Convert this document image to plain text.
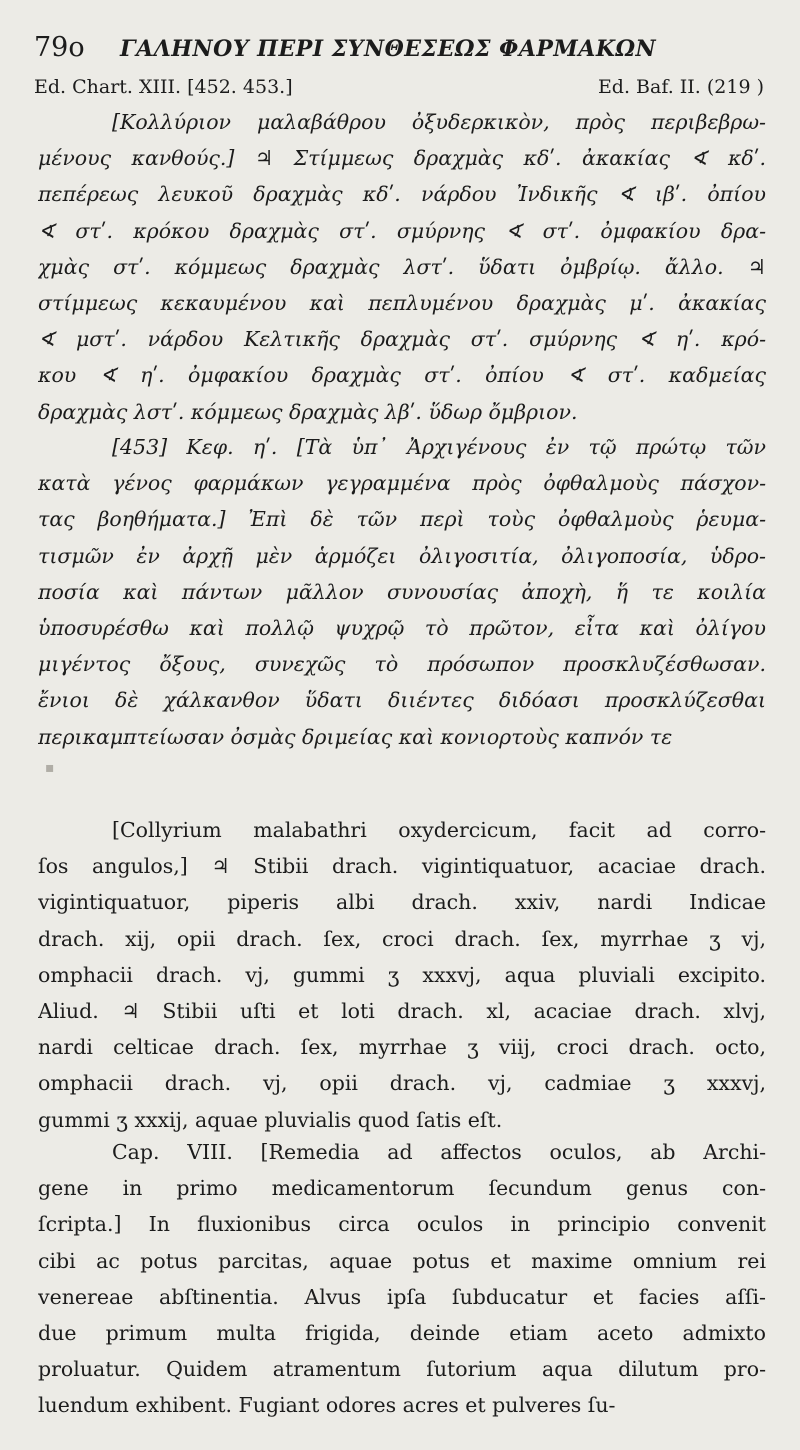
79o ΓΑΛΗΝΟΥ ΠΕΡΙ ΣΥΝΘΕΣΕΩΣ ΦΑΡΜΑΚΩΝ
Ed. Chart. XIII. [452. 453.]	Ed. Baf. II. (219 )
[Κολλύριον μαλαβάθρου ὀξυδερκικὸν, πρὸς περιβεβρω-
μένους κανθούς.] ♃ Στίμμεως δραχμὰς κδʹ. ἀκακίας ∢ κδʹ.
πεπέρεως λευκοῦ δραχμὰς κδʹ. νάρδου Ἰνδικῆς ∢ ιβʹ. ὀπίου
∢ στʹ. κρόκου δραχμὰς στʹ. σμύρνης ∢ στʹ. ὀμφακίου δρα-
χμὰς στʹ. κόμμεως δραχμὰς λστʹ. ὕδατι ὀμβρίῳ. ἄλλο. ♃
στίμμεως κεκαυμένου καὶ πεπλυμένου δραχμὰς μʹ. ἀκακίας
∢ μστʹ. νάρδου Κελτικῆς δραχμὰς στʹ. σμύρνης ∢ ηʹ. κρό-
κου ∢ ηʹ. ὀμφακίου δραχμὰς στʹ. ὀπίου ∢ στʹ. καδμείας
δραχμὰς λστʹ. κόμμεως δραχμὰς λβʹ. ὕδωρ ὄμβριον.
[453] Κεφ. ηʹ. [Τὰ ὑπ᾽ Ἀρχιγένους ἐν τῷ πρώτῳ τῶν
κατὰ γένος φαρμάκων γεγραμμένα πρὸς ὀφθαλμοὺς πάσχον-
τας βοηθήματα.] Ἐπὶ δὲ τῶν περὶ τοὺς ὀφθαλμοὺς ῥευμα-
τισμῶν ἐν ἀρχῇ μὲν ἁρμόζει ὀλιγοσιτία, ὀλιγοποσία, ὑδρο-
ποσία καὶ πάντων μᾶλλον συνουσίας ἀποχὴ, ἥ τε κοιλία
ὑποσυρέσθω καὶ πολλῷ ψυχρῷ τὸ πρῶτον, εἶτα καὶ ὀλίγου
μιγέντος ὄξους, συνεχῶς τὸ πρόσωπον προσκλυζέσθωσαν.
ἔνιοι δὲ χάλκανθον ὕδατι διιέντες διδόασι προσκλύζεσθαι
περικαμπτείωσαν ὀσμὰς δριμείας καὶ κονιορτοὺς καπνόν τε
▪
[Collyrium malabathri oxydercicum, facit ad corro-
ſos angulos,] ♃ Stibii drach. vigintiquatuor, acaciae drach.
vigintiquatuor, piperis albi drach. xxiv, nardi Indicae
drach. xij, opii drach. ſex, croci drach. ſex, myrrhae ʒ vj,
omphacii drach. vj, gummi ʒ xxxvj, aqua pluviali excipito.
Aliud. ♃ Stibii uſti et loti drach. xl, acaciae drach. xlvj,
nardi celticae drach. ſex, myrrhae ʒ viij, croci drach. octo,
omphacii drach. vj, opii drach. vj, cadmiae ʒ xxxvj,
gummi ʒ xxxij, aquae pluvialis quod ſatis eſt.
Cap. VIII. [Remedia ad affectos oculos, ab Archi-
gene in primo medicamentorum ſecundum genus con-
ſcripta.] In fluxionibus circa oculos in principio convenit
cibi ac potus parcitas, aquae potus et maxime omnium rei
venereae abſtinentia. Alvus ipſa ſubducatur et facies aſſi-
due primum multa frigida, deinde etiam aceto admixto
proluatur. Quidem atramentum ſutorium aqua dilutum pro-
luendum exhibent. Fugiant odores acres et pulveres ſu-
